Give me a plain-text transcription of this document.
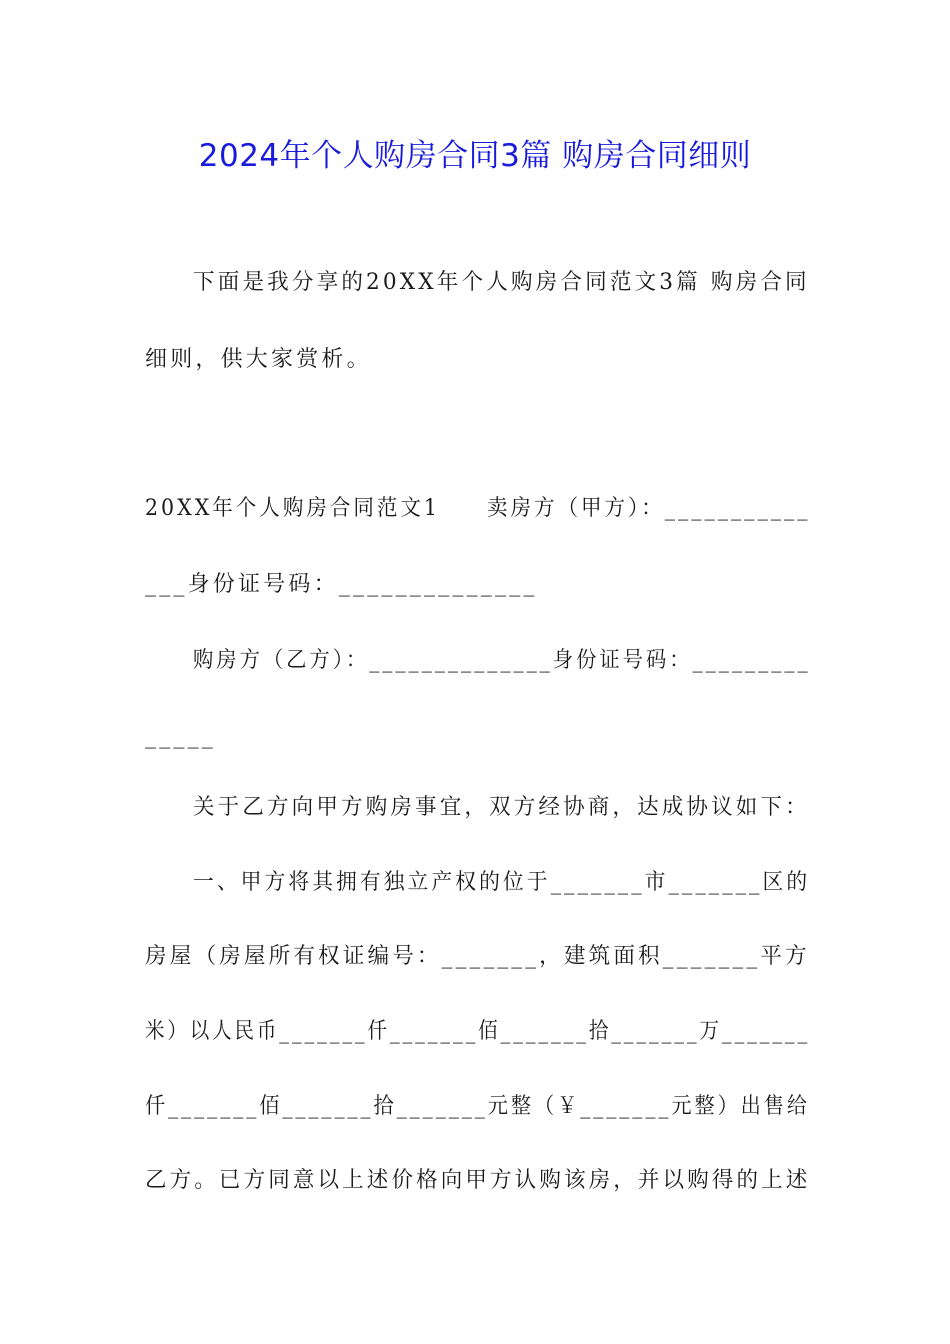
2024年个人购房合同3篇 购房合同细则
下面是我分享的20XX年个人购房合同范文3篇 购房合同
细则，供大家赏析。
20XX年个人购房合同范文1　　卖房方（甲方）：___________
___身份证号码：______________
购房方（乙方）：______________身份证号码：_________
_____
关于乙方向甲方购房事宜，双方经协商，达成协议如下：
一、甲方将其拥有独立产权的位于_______市_______区的
房屋（房屋所有权证编号：_______，建筑面积_______平方
米）以人民币_______仟_______佰_______拾_______万_______
仟_______佰_______拾_______元整（￥_______元整）出售给
乙方。已方同意以上述价格向甲方认购该房，并以购得的上述
